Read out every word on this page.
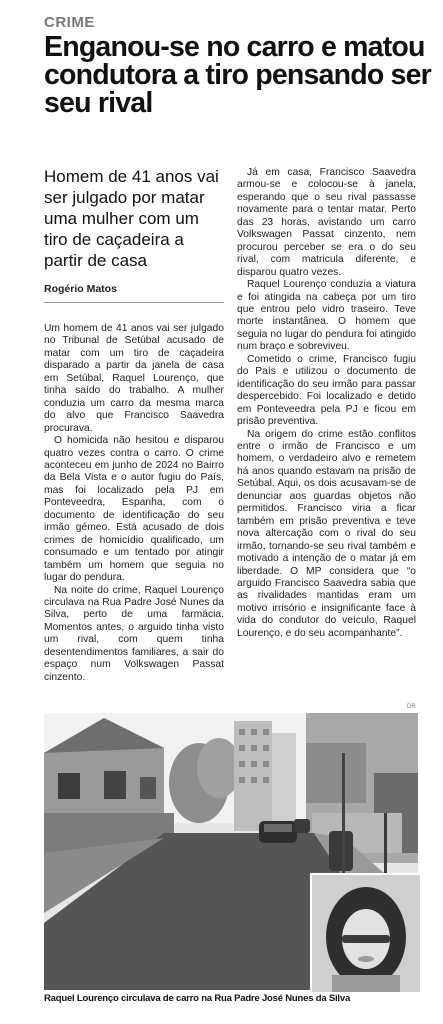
CRIME
Enganou-se no carro e matou condutora a tiro pensando ser seu rival
Homem de 41 anos vai ser julgado por matar uma mulher com um tiro de caçadeira a partir de casa
Rogério Matos

Um homem de 41 anos vai ser julgado no Tribunal de Setúbal acusado de matar com um tiro de caçadeira disparado a partir da janela de casa em Setúbal, Raquel Lourenço, que tinha saído do trabalho. A mulher conduzia um carro da mesma marca do alvo que Francisco Saavedra procurava.

O homicida não hesitou e disparou quatro vezes contra o carro. O crime aconteceu em junho de 2024 no Bairro da Bela Vista e o autor fugiu do País, mas foi localizado pela PJ em Ponteveedra, Espanha, com o documento de identificação do seu irmão gémeo. Está acusado de dois crimes de homicídio qualificado, um consumado e um tentado por atingir também um homem que seguia no lugar do pendura.

Na noite do crime, Raquel Lourenço circulava na Rua Padre José Nunes da Silva, perto de uma farmácia. Momentos antes, o arguido tinha visto um rival, com quem tinha desentendimentos familiares, a sair do espaço num Volkswagen Passat cinzento.

Já em casa, Francisco Saavedra armou-se e colocou-se à janela, esperando que o seu rival passasse novamente para o tentar matar. Perto das 23 horas, avistando um carro Volkswagen Passat cinzento, nem procurou perceber se era o do seu rival, com matricula diferente, e disparou quatro vezes.

Raquel Lourenço conduzia a viatura e foi atingida na cabeça por um tiro que entrou pelo vidro traseiro. Teve morte instantânea. O homem que seguia no lugar do pendura foi atingido num braço e sobreviveu.

Cometido o crime, Francisco fugiu do País e utilizou o documento de identificação do seu irmão para passar despercebido. Foi localizado e detido em Ponteveedra pela PJ e ficou em prisão preventiva.

Na origem do crime estão conflitos entre o irmão de Francisco e um homem, o verdadeiro alvo e remetem há anos quando estavam na prisão de Setúbal. Aqui, os dois acusavam-se de denunciar aos guardas objetos não permitidos. Francisco viria a ficar também em prisão preventiva e teve nova altercação com o rival do seu irmão, tornando-se seu rival também e motivado a intenção de o matar já em liberdade. O MP considera que “o arguido Francisco Saavedra sabia que as rivalidades mantidas eram um motivo irrisório e insignificante face à vida do condutor do veículo, Raquel Lourenço, e do seu acompanhante”.

DR
Raquel Lourenço circulava de carro na Rua Padre José Nunes da Silva
